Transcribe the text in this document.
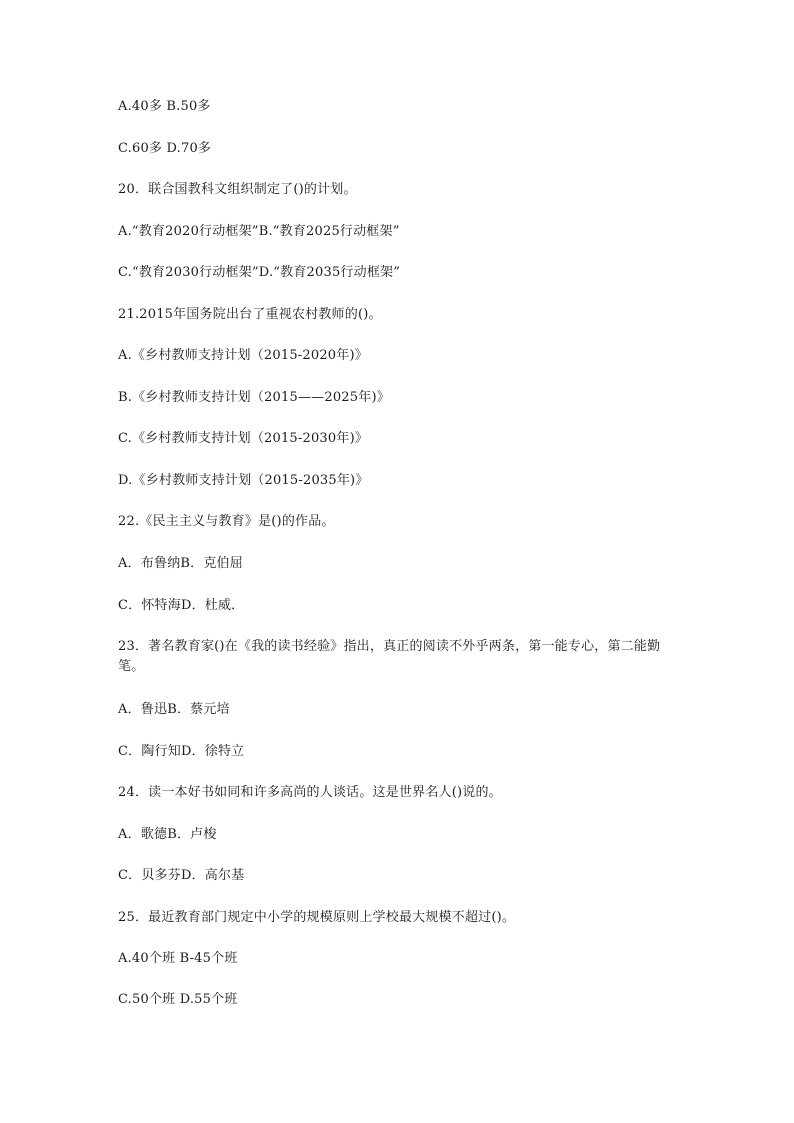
A.40多 B.50多
C.60多 D.70多
20．联合国教科文组织制定了()的计划。
A.“教育2020行动框架”B.“教育2025行动框架”
C.“教育2030行动框架”D.“教育2035行动框架”
21.2015年国务院出台了重视农村教师的()。
A.《乡村教师支持计划（2015-2020年)》
B.《乡村教师支持计划（2015——2025年)》
C.《乡村教师支持计划（2015-2030年)》
D.《乡村教师支持计划（2015-2035年)》
22.《民主主义与教育》是()的作品。
A．布鲁纳B．克伯屈
C．怀特海D．杜威．
23．著名教育家()在《我的读书经验》指出，真正的阅读不外乎两条，第一能专心，第二能勤笔。
A．鲁迅B．蔡元培
C．陶行知D．徐特立
24．读一本好书如同和许多高尚的人谈话。这是世界名人()说的。
A．歌德B．卢梭
C．贝多芬D．高尔基
25．最近教育部门规定中小学的规模原则上学校最大规模不超过()。
A.40个班 B-45个班
C.50个班 D.55个班
